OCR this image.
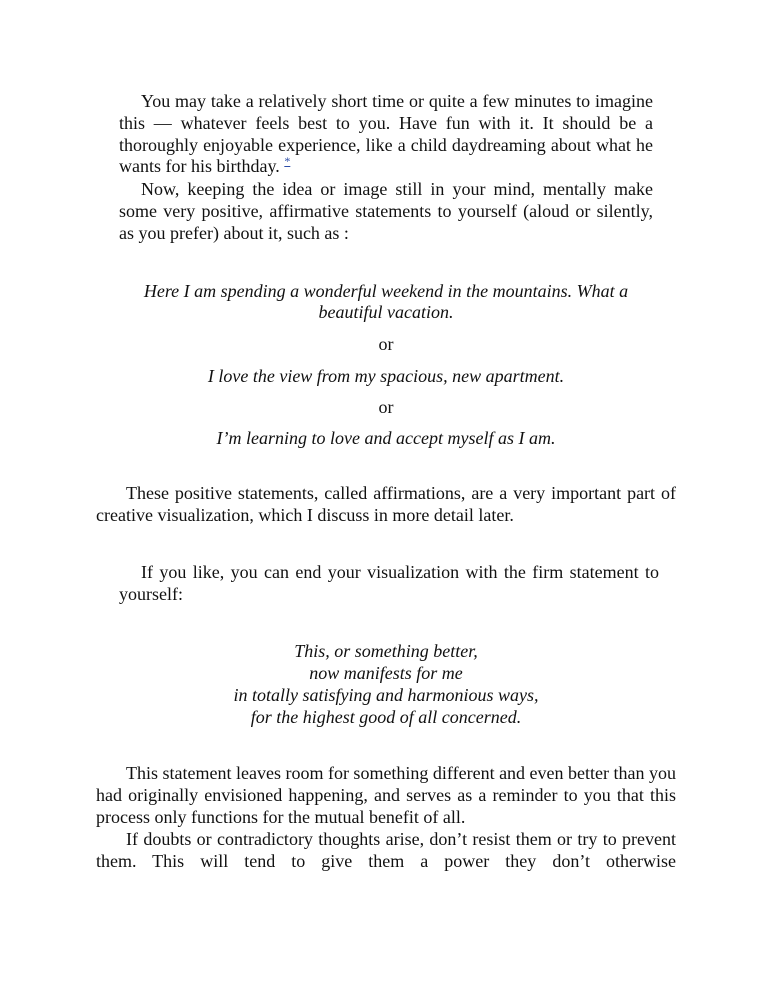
You may take a relatively short time or quite a few minutes to imagine this — whatever feels best to you. Have fun with it. It should be a thoroughly enjoyable experience, like a child daydreaming about what he wants for his birthday. *

Now, keeping the idea or image still in your mind, mentally make some very positive, affirmative statements to yourself (aloud or silently, as you prefer) about it, such as :

Here I am spending a wonderful weekend in the mountains. What a

beautiful vacation.

or

I love the view from my spacious, new apartment.

or

I’m learning to love and accept myself as I am.

These positive statements, called affirmations, are a very important part of creative visualization, which I discuss in more detail later.

If you like, you can end your visualization with the firm statement to yourself:

This, or something better,

now manifests for me

in totally satisfying and harmonious ways,

for the highest good of all concerned.

This statement leaves room for something different and even better than you had originally envisioned happening, and serves as a reminder to you that this process only functions for the mutual benefit of all.

If doubts or contradictory thoughts arise, don’t resist them or try to prevent them. This will tend to give them a power they don’t otherwise
